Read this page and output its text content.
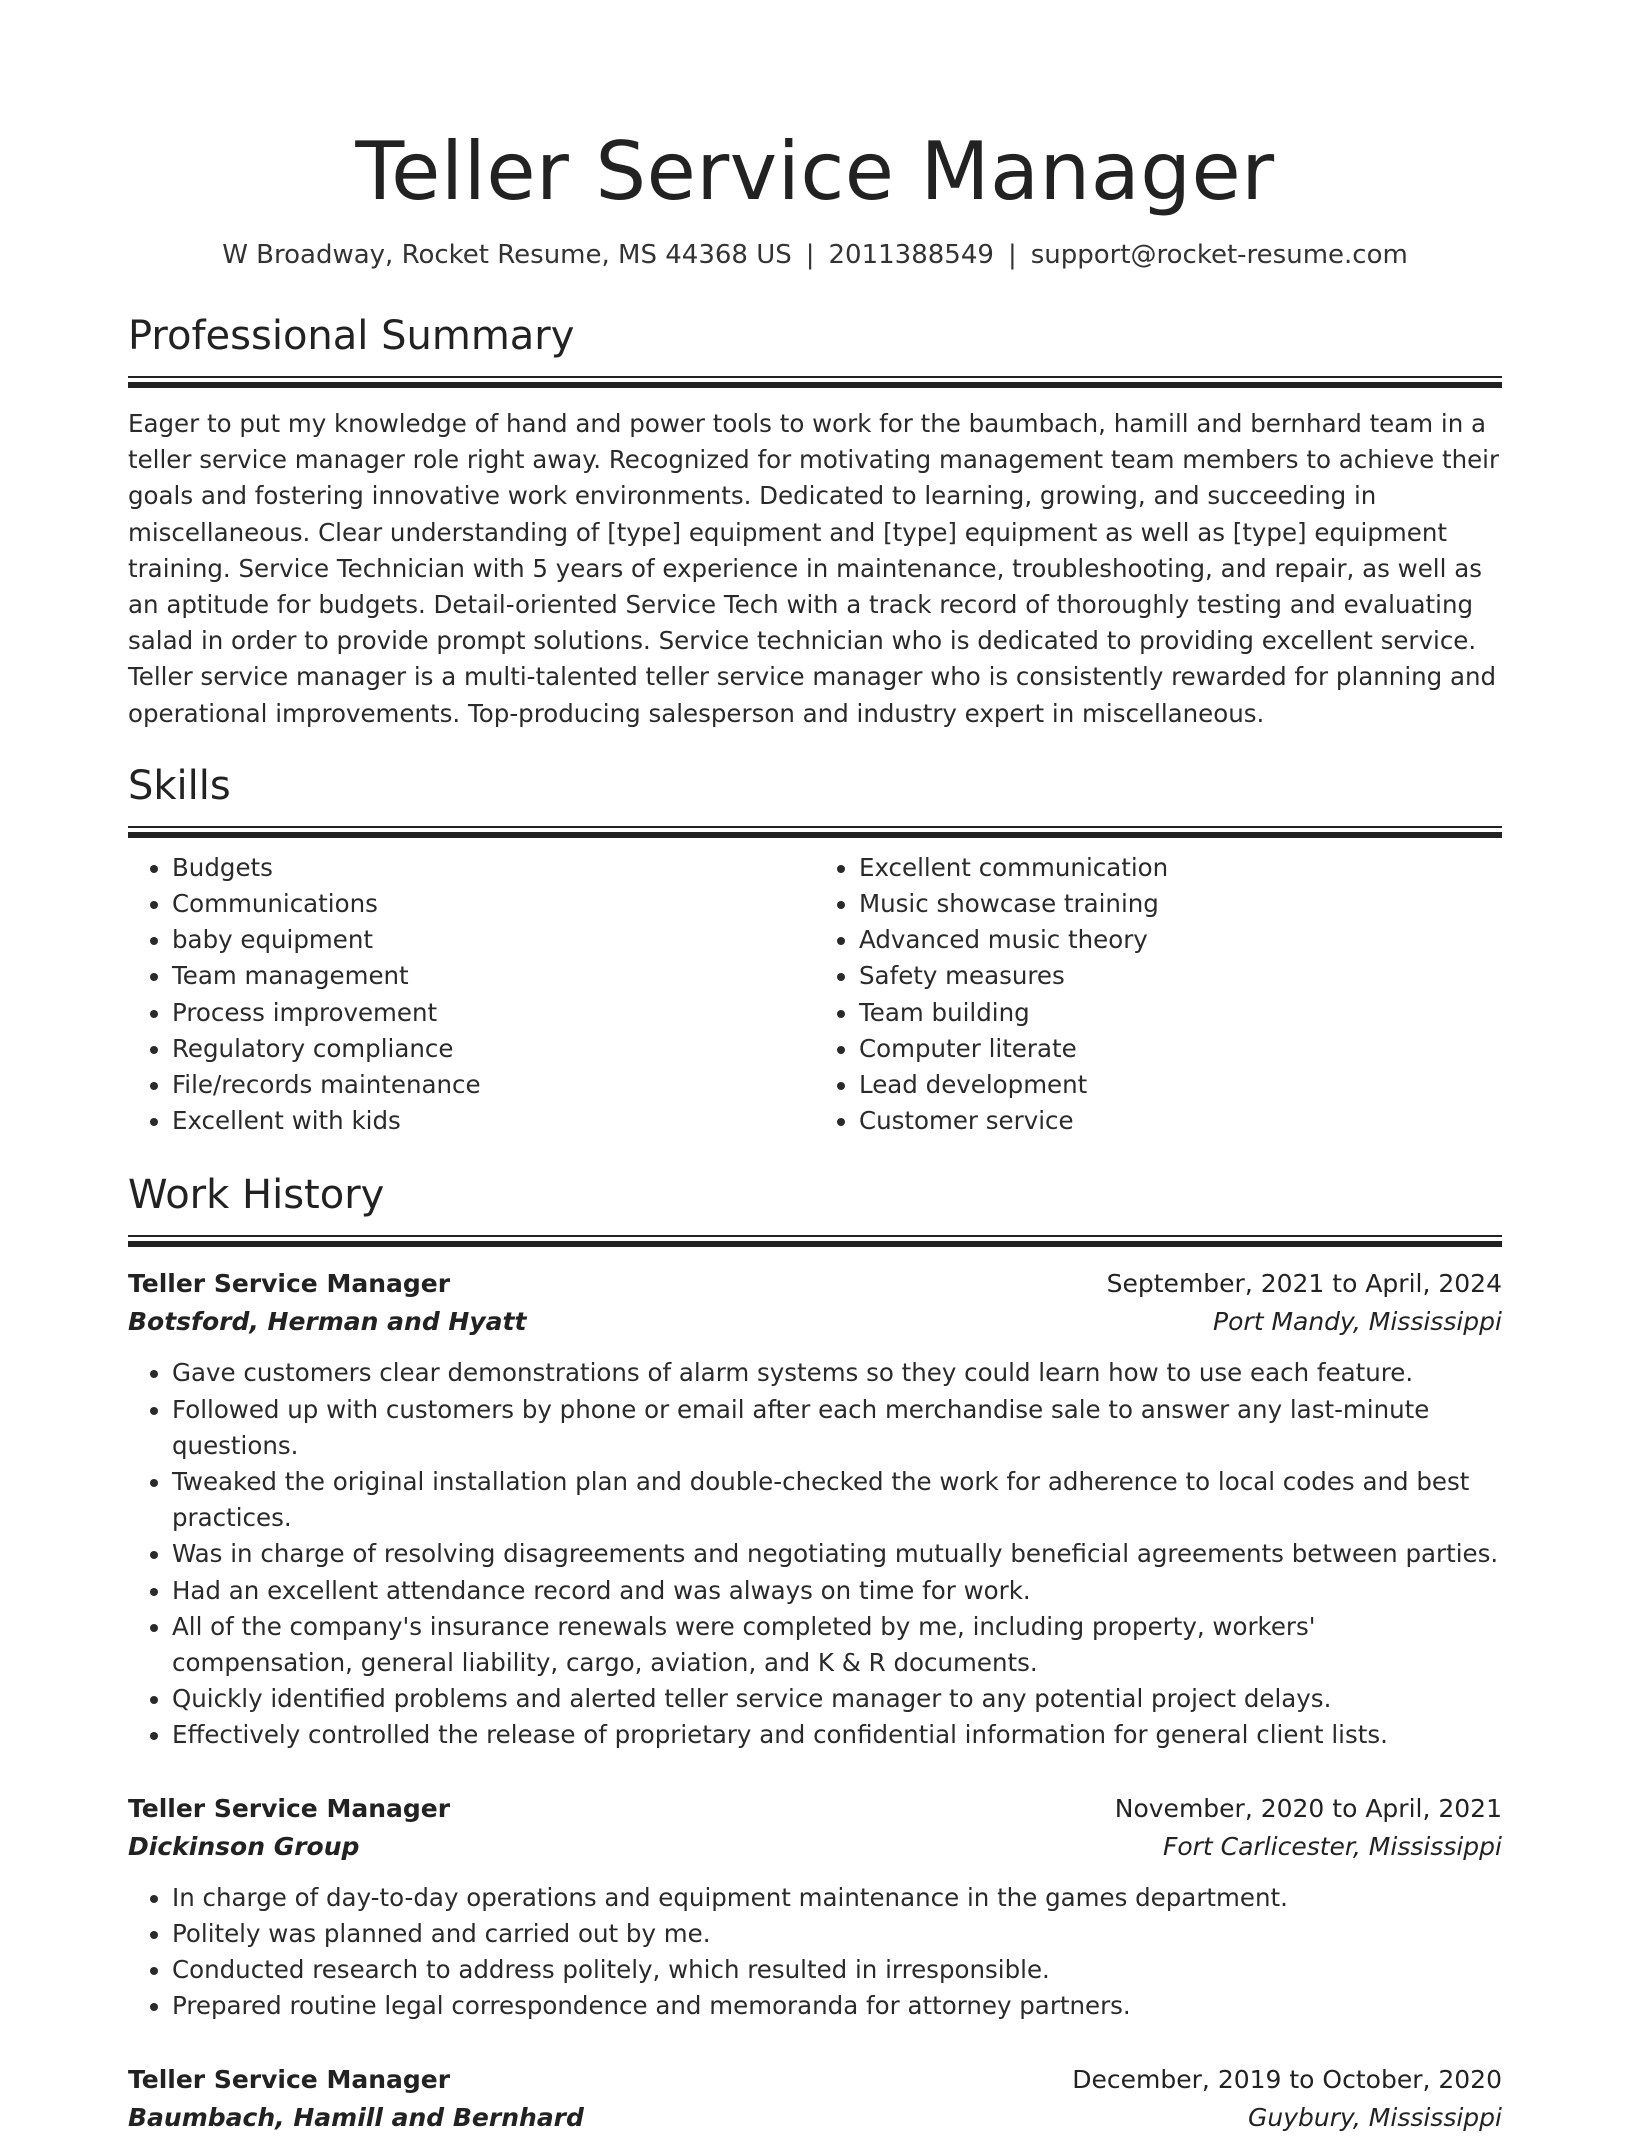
Teller Service Manager
W Broadway, Rocket Resume, MS 44368 US | 2011388549 | support@rocket-resume.com
Professional Summary

Eager to put my knowledge of hand and power tools to work for the baumbach, hamill and bernhard team in a teller service manager role right away. Recognized for motivating management team members to achieve their goals and fostering innovative work environments. Dedicated to learning, growing, and succeeding in miscellaneous. Clear understanding of [type] equipment and [type] equipment as well as [type] equipment training. Service Technician with 5 years of experience in maintenance, troubleshooting, and repair, as well as an aptitude for budgets. Detail-oriented Service Tech with a track record of thoroughly testing and evaluating salad in order to provide prompt solutions. Service technician who is dedicated to providing excellent service. Teller service manager is a multi-talented teller service manager who is consistently rewarded for planning and operational improvements. Top-producing salesperson and industry expert in miscellaneous.

Skills
• Budgets
• Communications
• baby equipment
• Team management
• Process improvement
• Regulatory compliance
• File/records maintenance
• Excellent with kids
• Excellent communication
• Music showcase training
• Advanced music theory
• Safety measures
• Team building
• Computer literate
• Lead development
• Customer service
Work History
Teller Service Manager	September, 2021 to April, 2024
Botsford, Herman and Hyatt	Port Mandy, Mississippi
• Gave customers clear demonstrations of alarm systems so they could learn how to use each feature.
• Followed up with customers by phone or email after each merchandise sale to answer any last-minute questions.
• Tweaked the original installation plan and double-checked the work for adherence to local codes and best practices.
• Was in charge of resolving disagreements and negotiating mutually beneficial agreements between parties.
• Had an excellent attendance record and was always on time for work.
• All of the company's insurance renewals were completed by me, including property, workers' compensation, general liability, cargo, aviation, and K & R documents.
• Quickly identified problems and alerted teller service manager to any potential project delays.
• Effectively controlled the release of proprietary and confidential information for general client lists.
Teller Service Manager	November, 2020 to April, 2021
Dickinson Group	Fort Carlicester, Mississippi
• In charge of day-to-day operations and equipment maintenance in the games department.
• Politely was planned and carried out by me.
• Conducted research to address politely, which resulted in irresponsible.
• Prepared routine legal correspondence and memoranda for attorney partners.
Teller Service Manager	December, 2019 to October, 2020
Baumbach, Hamill and Bernhard	Guybury, Mississippi
